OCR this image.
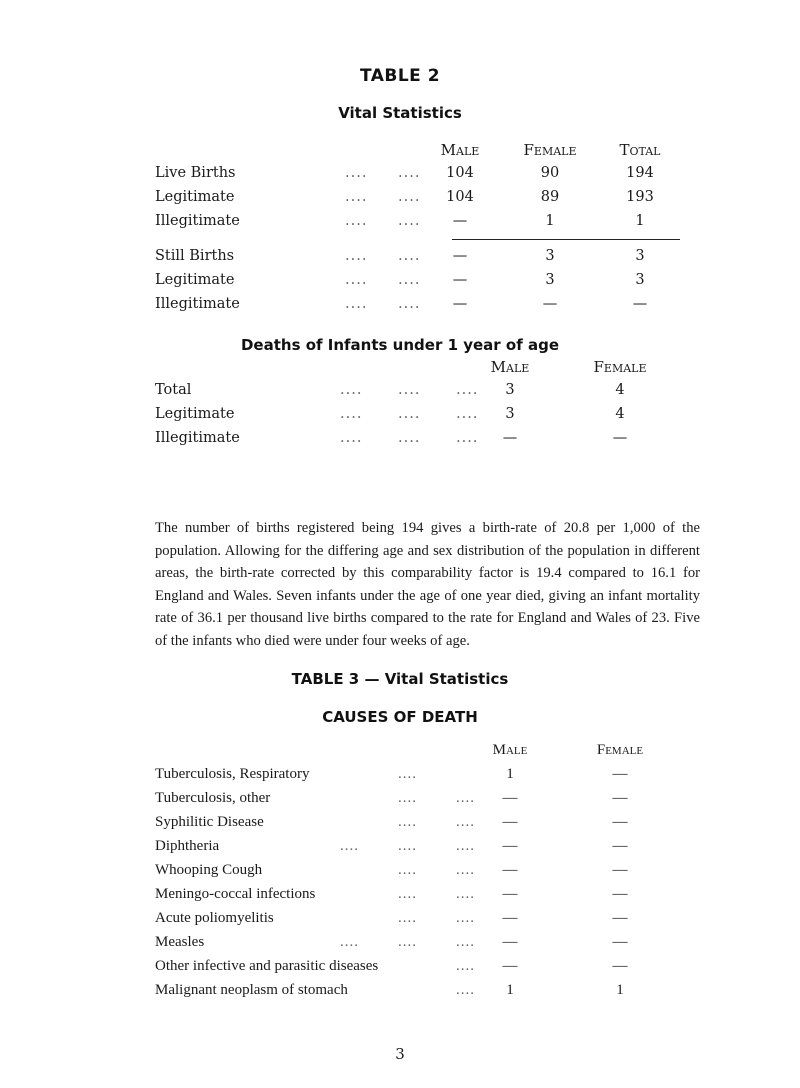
TABLE 2
Vital Statistics
Male	Female	Total
Live Births	.... ....	104	90	194
Legitimate	.... ....	104	89	193
Illegitimate	.... ....	—	1	1
Still Births	.... ....	—	3	3
Legitimate	.... ....	—	3	3
Illegitimate	.... ....	—	—	—
Deaths of Infants under 1 year of age
Male	Female
Total	.... .... ....	3	4
Legitimate	.... .... ....	3	4
Illegitimate	.... .... ....	—	—
The number of births registered being 194 gives a birth-rate of 20.8 per 1,000 of the population. Allowing for the differing age and sex distribution of the population in different areas, the birth-rate corrected by this comparability factor is 19.4 compared to 16.1 for England and Wales. Seven infants under the age of one year died, giving an infant mortality rate of 36.1 per thousand live births compared to the rate for England and Wales of 23. Five of the infants who died were under four weeks of age.
TABLE 3 — Vital Statistics
CAUSES OF DEATH
Male	Female
Tuberculosis, Respiratory	....	1	—
Tuberculosis, other	....	....	—	—
Syphilitic Disease	....	....	—	—
Diphtheria	....	....	....	—	—
Whooping Cough	....	....	—	—
Meningo-coccal infections	....	....	—	—
Acute poliomyelitis	....	....	—	—
Measles	....	....	....	—	—
Other infective and parasitic diseases	....	—	—
Malignant neoplasm of stomach	....	1	1
3
